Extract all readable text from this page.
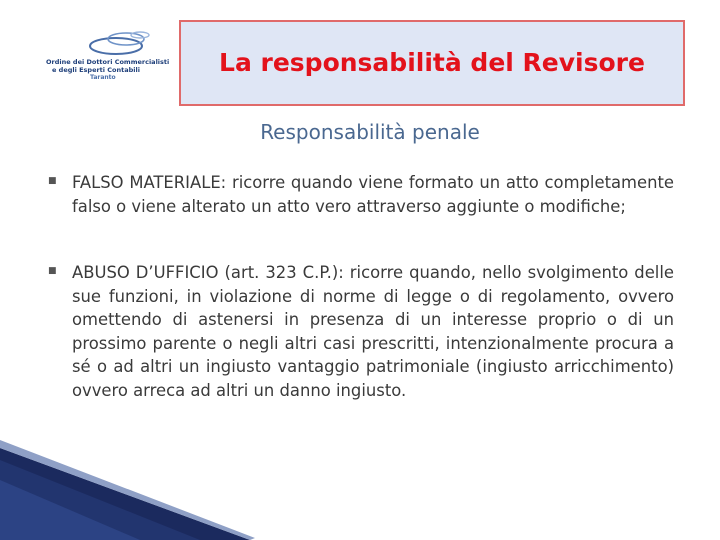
Ordine dei Dottori Commercialisti
e degli Esperti Contabili
Taranto
La responsabilità del Revisore
Responsabilità penale
■ FALSO MATERIALE: ricorre quando viene formato un atto completamente falso o viene alterato un atto vero attraverso aggiunte o modifiche;
■ ABUSO D’UFFICIO (art. 323 C.P.): ricorre quando, nello svolgimento delle sue funzioni, in violazione di norme di legge o di regolamento, ovvero omettendo di astenersi in presenza di un interesse proprio o di un prossimo parente o negli altri casi prescritti, intenzionalmente procura a sé o ad altri un ingiusto vantaggio patrimoniale (ingiusto arricchimento) ovvero arreca ad altri un danno ingiusto.
